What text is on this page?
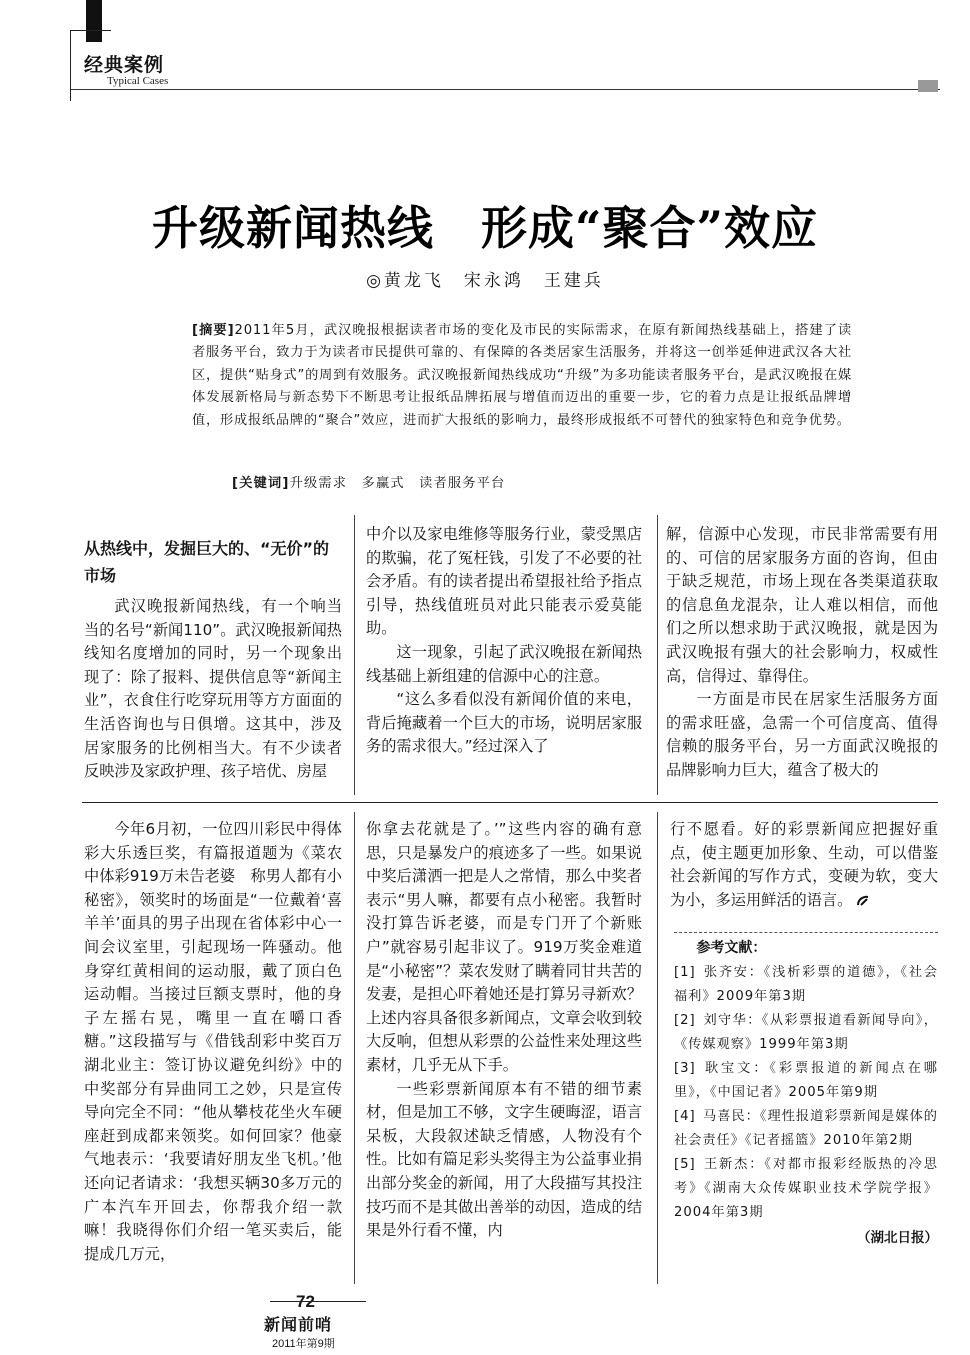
经典案例
Typical Cases
升级新闻热线　形成“聚合”效应
◎黄龙飞　宋永鸿　王建兵
[摘要]2011年5月，武汉晚报根据读者市场的变化及市民的实际需求，在原有新闻热线基础上，搭建了读者服务平台，致力于为读者市民提供可靠的、有保障的各类居家生活服务，并将这一创举延伸进武汉各大社区，提供“贴身式”的周到有效服务。武汉晚报新闻热线成功“升级”为多功能读者服务平台，是武汉晚报在媒体发展新格局与新态势下不断思考让报纸品牌拓展与增值而迈出的重要一步，它的着力点是让报纸品牌增值，形成报纸品牌的“聚合”效应，进而扩大报纸的影响力，最终形成报纸不可替代的独家特色和竞争优势。
[关键词]升级需求　多赢式　读者服务平台
从热线中，发掘巨大的、“无价”的市场

武汉晚报新闻热线，有一个响当当的名号“新闻110”。武汉晚报新闻热线知名度增加的同时，另一个现象出现了：除了报料、提供信息等“新闻主业”，衣食住行吃穿玩用等方方面面的生活咨询也与日俱增。这其中，涉及居家服务的比例相当大。有不少读者反映涉及家政护理、孩子培优、房屋

中介以及家电维修等服务行业，蒙受黑店的欺骗，花了冤枉钱，引发了不必要的社会矛盾。有的读者提出希望报社给予指点引导，热线值班员对此只能表示爱莫能助。

这一现象，引起了武汉晚报在新闻热线基础上新组建的信源中心的注意。

“这么多看似没有新闻价值的来电，背后掩藏着一个巨大的市场，说明居家服务的需求很大。”经过深入了

解，信源中心发现，市民非常需要有用的、可信的居家服务方面的咨询，但由于缺乏规范，市场上现在各类渠道获取的信息鱼龙混杂，让人难以相信，而他们之所以想求助于武汉晚报，就是因为武汉晚报有强大的社会影响力，权威性高，信得过、靠得住。

一方面是市民在居家生活服务方面的需求旺盛，急需一个可信度高、值得信赖的服务平台，另一方面武汉晚报的品牌影响力巨大，蕴含了极大的

今年6月初，一位四川彩民中得体彩大乐透巨奖，有篇报道题为《菜农中体彩919万未告老婆　称男人都有小秘密》，领奖时的场面是“一位戴着‘喜羊羊’面具的男子出现在省体彩中心一间会议室里，引起现场一阵骚动。他身穿红黄相间的运动服，戴了顶白色运动帽。当接过巨额支票时，他的身子左摇右晃，嘴里一直在嚼口香糖。”这段描写与《借钱刮彩中奖百万　湖北业主：签订协议避免纠纷》中的中奖部分有异曲同工之妙，只是宣传导向完全不同：“他从攀枝花坐火车硬座赶到成都来领奖。如何回家？他豪气地表示：‘我要请好朋友坐飞机。’他还向记者请求：‘我想买辆30多万元的广本汽车开回去，你帮我介绍一款嘛！我晓得你们介绍一笔买卖后，能提成几万元，

你拿去花就是了。’”这些内容的确有意思，只是暴发户的痕迹多了一些。如果说中奖后潇洒一把是人之常情，那么中奖者表示“男人嘛，都要有点小秘密。我暂时没打算告诉老婆，而是专门开了个新账户”就容易引起非议了。919万奖金难道是“小秘密”？菜农发财了瞒着同甘共苦的发妻，是担心吓着她还是打算另寻新欢？上述内容具备很多新闻点，文章会收到较大反响，但想从彩票的公益性来处理这些素材，几乎无从下手。

一些彩票新闻原本有不错的细节素材，但是加工不够，文字生硬晦涩，语言呆板，大段叙述缺乏情感，人物没有个性。比如有篇足彩头奖得主为公益事业捐出部分奖金的新闻，用了大段描写其投注技巧而不是其做出善举的动因，造成的结果是外行看不懂，内

行不愿看。好的彩票新闻应把握好重点，使主题更加形象、生动，可以借鉴社会新闻的写作方式，变硬为软，变大为小，多运用鲜活的语言。

参考文献：
[1] 张齐安：《浅析彩票的道德》，《社会福利》2009年第3期
[2] 刘守华：《从彩票报道看新闻导向》，《传媒观察》1999年第3期
[3] 耿宝文：《彩票报道的新闻点在哪里》，《中国记者》2005年第9期
[4] 马喜民：《理性报道彩票新闻是媒体的社会责任》《记者摇篮》2010年第2期
[5] 王新杰：《对都市报彩经版热的冷思考》《湖南大众传媒职业技术学院学报》2004年第3期
（湖北日报）
72
新闻前哨
2011年第9期
